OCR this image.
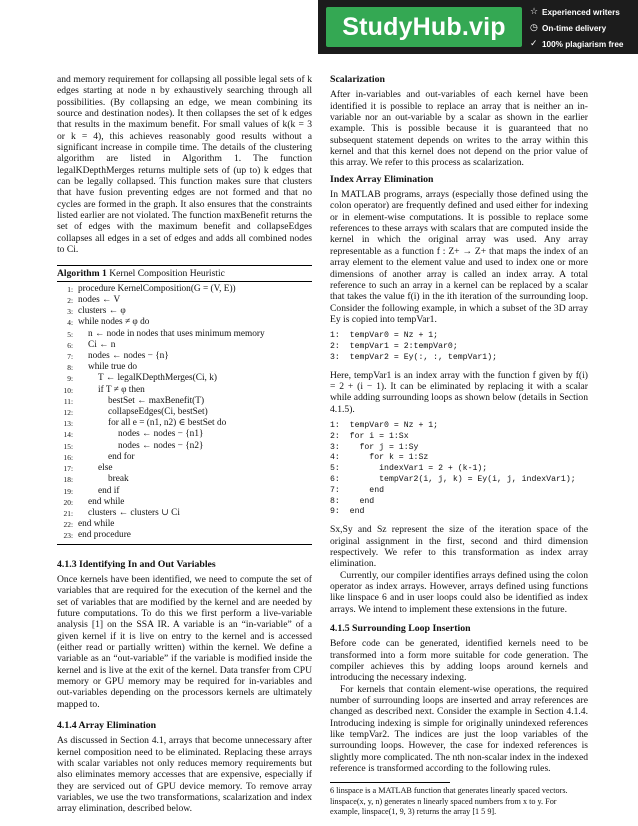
StudyHub.vip
☆ Experienced writers
◷ On-time delivery
✓ 100% plagiarism free

and memory requirement for collapsing all possible legal sets of k edges starting at node n by exhaustively searching through all possibilities. (By collapsing an edge, we mean combining its source and destination nodes). It then collapses the set of k edges that results in the maximum benefit. For small values of k(k = 3 or k = 4), this achieves reasonably good results without a significant increase in compile time. The details of the clustering algorithm are listed in Algorithm 1. The function legalKDepthMerges returns multiple sets of (up to) k edges that can be legally collapsed. This function makes sure that clusters that have fusion preventing edges are not formed and that no cycles are formed in the graph. It also ensures that the constraints listed earlier are not violated. The function maxBenefit returns the set of edges with the maximum benefit and collapseEdges collapses all edges in a set of edges and adds all combined nodes to Ci.

Algorithm 1 Kernel Composition Heuristic
1: procedure KernelComposition(G = (V, E))
2: nodes ← V
3: clusters ← φ
4: while nodes ≠ φ do
5:	n ← node in nodes that uses minimum memory
6:	Ci ← n
7:	nodes ← nodes − {n}
8:	while true do
9:	T ← legalKDepthMerges(Ci, k)
10:	if T ≠ φ then
11:	bestSet ← maxBenefit(T)
12:	collapseEdges(Ci, bestSet)
13:	for all e = (n1, n2) ∈ bestSet do
14:	nodes ← nodes − {n1}
15:	nodes ← nodes − {n2}
16:	end for
17:	else
18:	break
19:	end if
20:	end while
21:	clusters ← clusters ∪ Ci
22: end while
23: end procedure
4.1.3 Identifying In and Out Variables

Once kernels have been identified, we need to compute the set of variables that are required for the execution of the kernel and the set of variables that are modified by the kernel and are needed by future computations. To do this we first perform a live-variable analysis [1] on the SSA IR. A variable is an “in-variable” of a given kernel if it is live on entry to the kernel and is accessed (either read or partially written) within the kernel. We define a variable as an “out-variable” if the variable is modified inside the kernel and is live at the exit of the kernel. Data transfer from CPU memory or GPU memory may be required for in-variables and out-variables depending on the processors kernels are ultimately mapped to.

4.1.4 Array Elimination

As discussed in Section 4.1, arrays that become unnecessary after kernel composition need to be eliminated. Replacing these arrays with scalar variables not only reduces memory requirements but also eliminates memory accesses that are expensive, especially if they are serviced out of GPU device memory. To remove array variables, we use the two transformations, scalarization and index array elimination, described below.

Scalarization

After in-variables and out-variables of each kernel have been identified it is possible to replace an array that is neither an in-variable nor an out-variable by a scalar as shown in the earlier example. This is possible because it is guaranteed that no subsequent statement depends on writes to the array within this kernel and that this kernel does not depend on the prior value of this array. We refer to this process as scalarization.

Index Array Elimination

In MATLAB programs, arrays (especially those defined using the colon operator) are frequently defined and used either for indexing or in element-wise computations. It is possible to replace some references to these arrays with scalars that are computed inside the kernel in which the original array was used. Any array representable as a function f : Z+ → Z+ that maps the index of an array element to the element value and used to index one or more dimensions of another array is called an index array. A total reference to such an array in a kernel can be replaced by a scalar that takes the value f(i) in the ith iteration of the surrounding loop. Consider the following example, in which a subset of the 3D array Ey is copied into tempVar1.

1:  tempVar0 = Nz + 1;
2:  tempVar1 = 2:tempVar0;
3:  tempVar2 = Ey(:, :, tempVar1);

Here, tempVar1 is an index array with the function f given by f(i) = 2 + (i − 1). It can be eliminated by replacing it with a scalar while adding surrounding loops as shown below (details in Section 4.1.5).

1:  tempVar0 = Nz + 1;
2:  for i = 1:Sx
3:    for j = 1:Sy
4:      for k = 1:Sz
5:        indexVar1 = 2 + (k-1);
6:        tempVar2(i, j, k) = Ey(i, j, indexVar1);
7:      end
8:    end
9:  end

Sx,Sy and Sz represent the size of the iteration space of the original assignment in the first, second and third dimension respectively. We refer to this transformation as index array elimination.

Currently, our compiler identifies arrays defined using the colon operator as index arrays. However, arrays defined using functions like linspace 6 and in user loops could also be identified as index arrays. We intend to implement these extensions in the future.

4.1.5 Surrounding Loop Insertion

Before code can be generated, identified kernels need to be transformed into a form more suitable for code generation. The compiler achieves this by adding loops around kernels and introducing the necessary indexing.

For kernels that contain element-wise operations, the required number of surrounding loops are inserted and array references are changed as described next. Consider the example in Section 4.1.4. Introducing indexing is simple for originally unindexed references like tempVar2. The indices are just the loop variables of the surrounding loops. However, the case for indexed references is slightly more complicated. The nth non-scalar index in the indexed reference is transformed according to the following rules.

6 linspace is a MATLAB function that generates linearly spaced vectors. linspace(x, y, n) generates n linearly spaced numbers from x to y. For example, linspace(1, 9, 3) returns the array [1 5 9].
